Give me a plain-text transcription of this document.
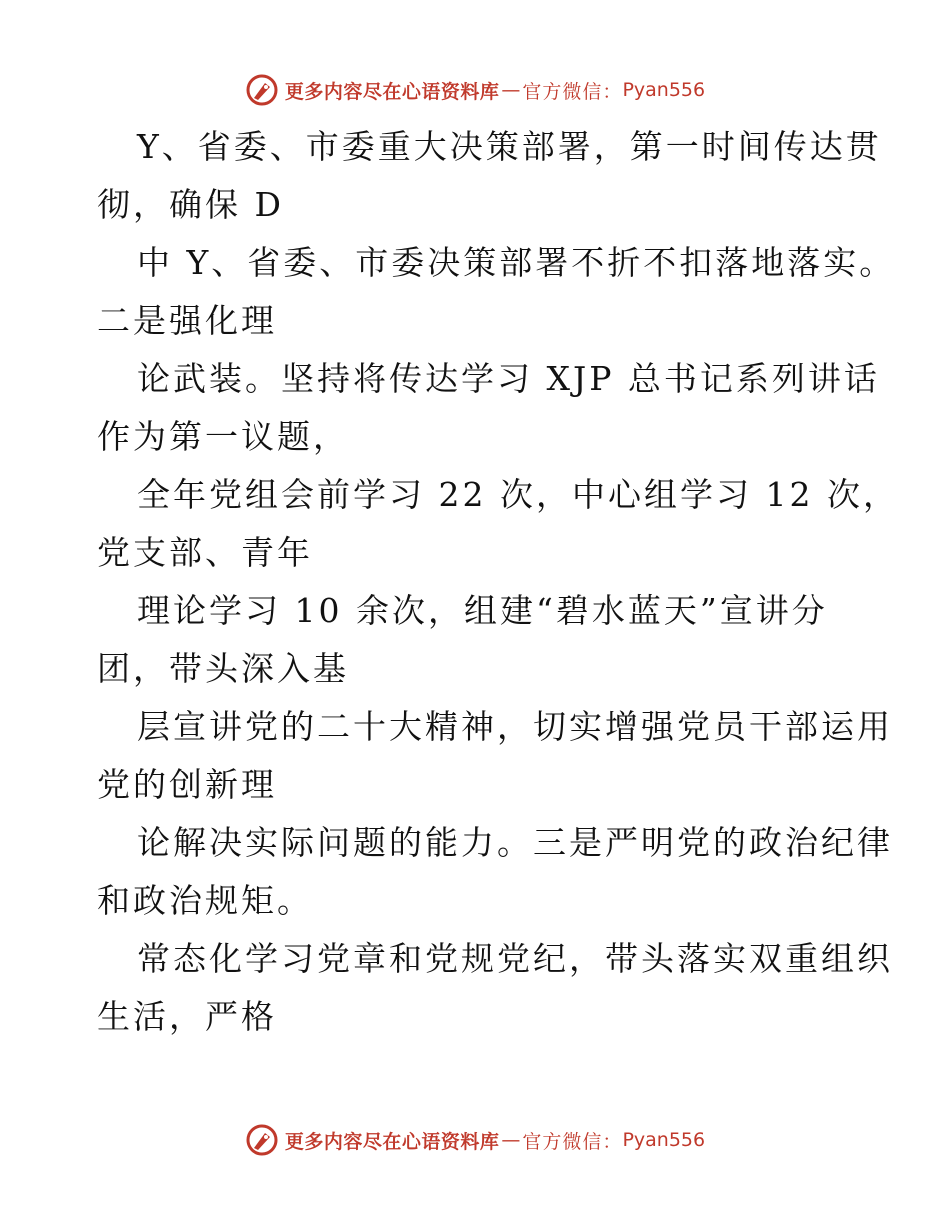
更多内容尽在心语资料库 — 官方微信： Pyan556
Y、省委、市委重大决策部署，第一时间传达贯
彻，确保 D
中 Y、省委、市委决策部署不折不扣落地落实。
二是强化理
论武装。坚持将传达学习 XJP 总书记系列讲话
作为第一议题，
全年党组会前学习 22 次，中心组学习 12 次，
党支部、青年
理论学习 10 余次，组建“碧水蓝天”宣讲分
团，带头深入基
层宣讲党的二十大精神，切实增强党员干部运用
党的创新理
论解决实际问题的能力。三是严明党的政治纪律
和政治规矩。
常态化学习党章和党规党纪，带头落实双重组织
生活，严格
更多内容尽在心语资料库 — 官方微信： Pyan556
